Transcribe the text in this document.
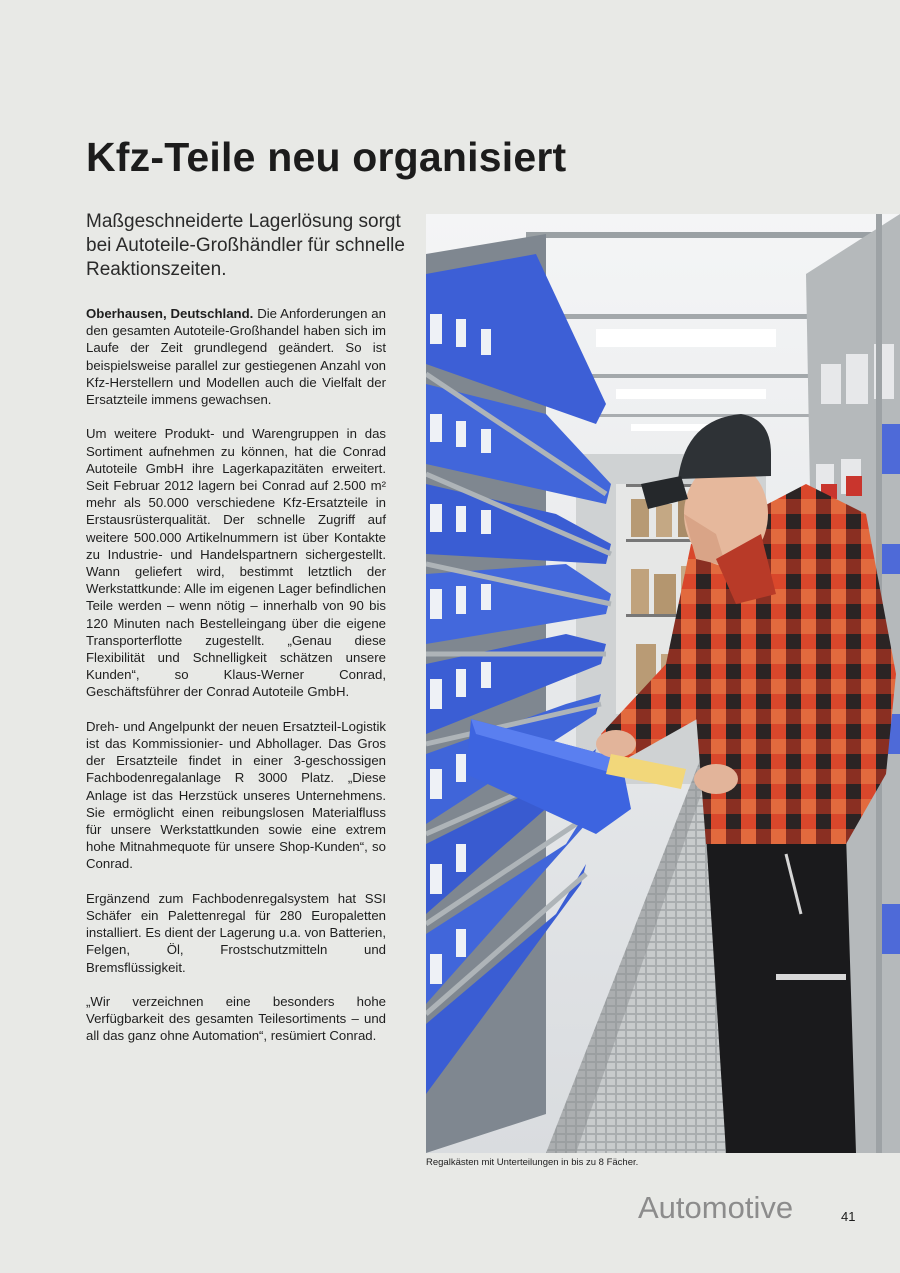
Kfz-Teile neu organisiert
Maßgeschneiderte Lagerlösung sorgt bei Autoteile-Großhändler für schnelle Reaktionszeiten.

Oberhausen, Deutschland. Die Anforderungen an den gesamten Autoteile-Großhandel haben sich im Laufe der Zeit grundlegend geändert. So ist beispielsweise parallel zur gestiegenen Anzahl von Kfz-Herstellern und Modellen auch die Vielfalt der Ersatzteile immens gewachsen.

Um weitere Produkt- und Warengruppen in das Sortiment aufnehmen zu können, hat die Conrad Autoteile GmbH ihre Lagerkapazitäten erweitert. Seit Februar 2012 lagern bei Conrad auf 2.500 m² mehr als 50.000 verschiedene Kfz-Ersatzteile in Erstausrüsterqualität. Der schnelle Zugriff auf weitere 500.000 Artikelnummern ist über Kontakte zu Industrie- und Handelspartnern sichergestellt. Wann geliefert wird, bestimmt letztlich der Werkstattkunde: Alle im eigenen Lager befindlichen Teile werden – wenn nötig – innerhalb von 90 bis 120 Minuten nach Bestelleingang über die eigene Transporterflotte zugestellt. „Genau diese Flexibilität und Schnelligkeit schätzen unsere Kunden“, so Klaus-Werner Conrad, Geschäftsführer der Conrad Autoteile GmbH.

Dreh- und Angelpunkt der neuen Ersatzteil-Logistik ist das Kommissionier- und Abhollager. Das Gros der Ersatzteile findet in einer 3-geschossigen Fachbodenregalanlage R 3000 Platz. „Diese Anlage ist das Herzstück unseres Unternehmens. Sie ermöglicht einen reibungslosen Materialfluss für unsere Werkstattkunden sowie eine extrem hohe Mitnahmequote für unsere Shop-Kunden“, so Conrad.

Ergänzend zum Fachbodenregalsystem hat SSI Schäfer ein Palettenregal für 280 Europaletten installiert. Es dient der Lagerung u.a. von Batterien, Felgen, Öl, Frostschutzmitteln und Bremsflüssigkeit.

„Wir verzeichnen eine besonders hohe Verfügbarkeit des gesamten Teilesortiments – und all das ganz ohne Automation“, resümiert Conrad.

Regalkästen mit Unterteilungen in bis zu 8 Fächer.
Automotive	41
